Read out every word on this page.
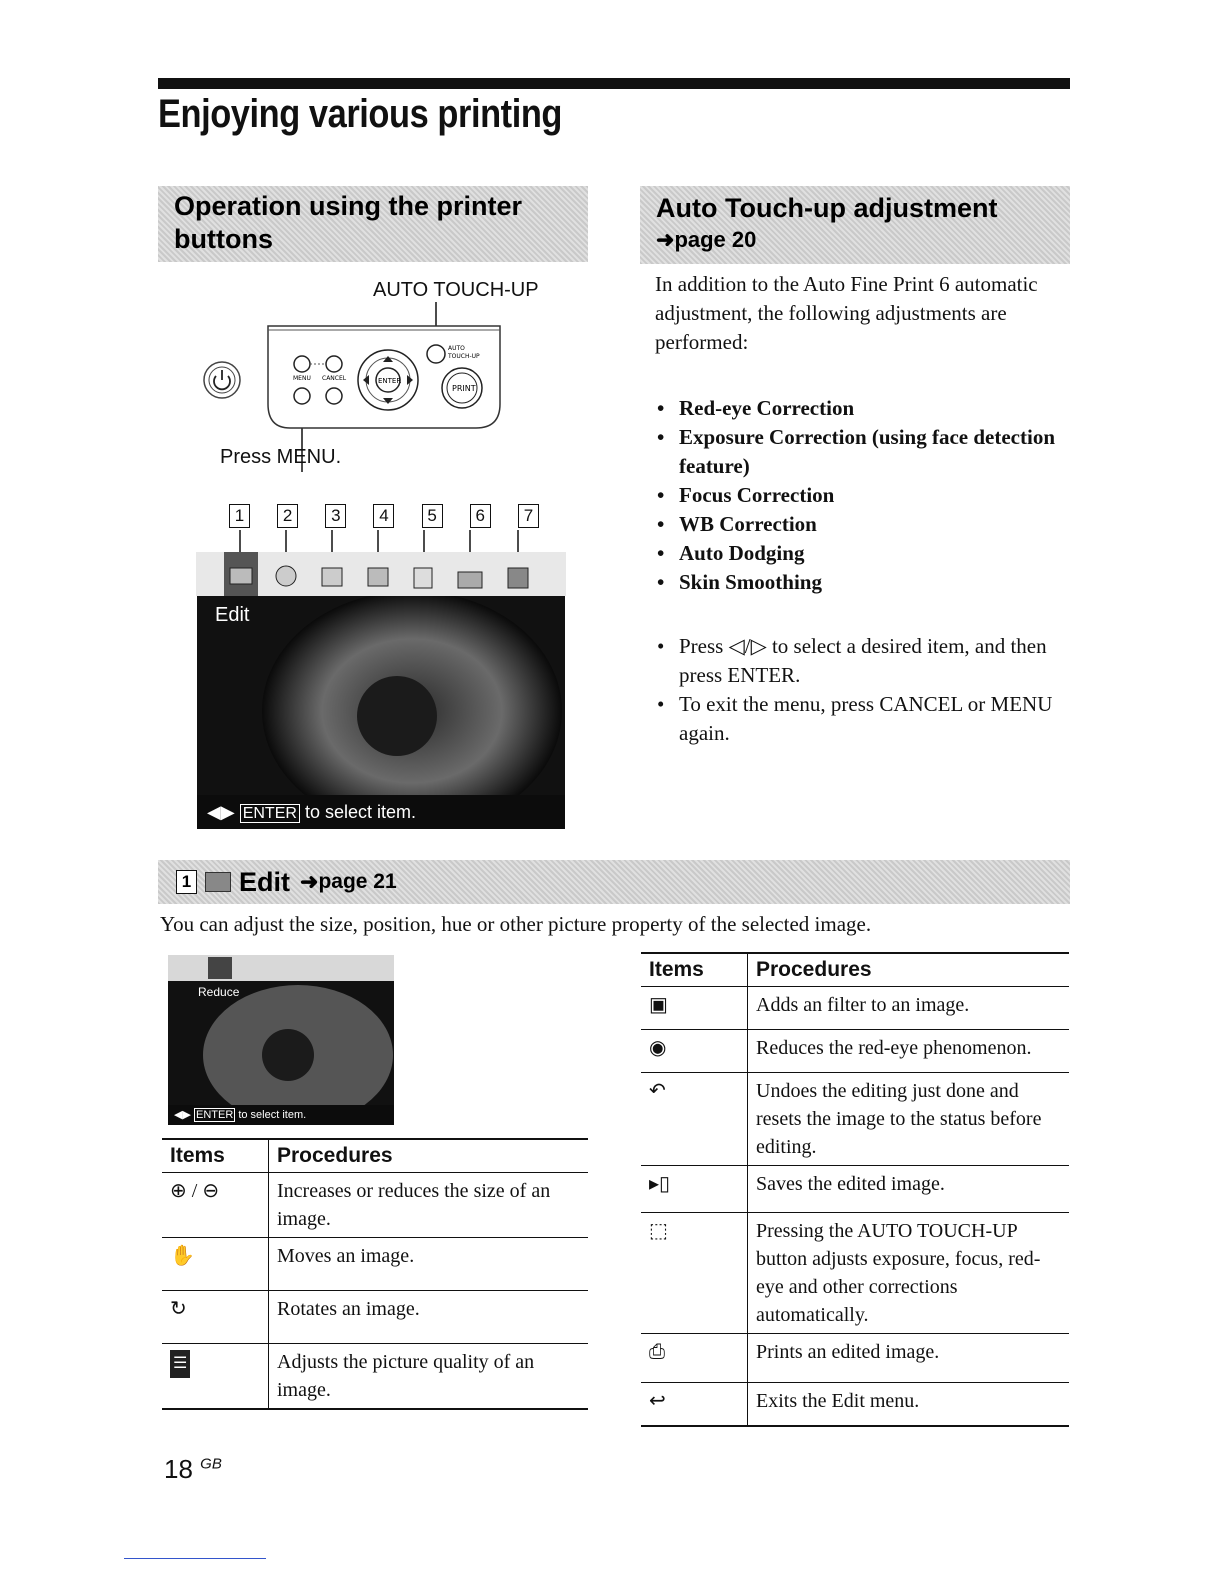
Enjoying various printing
Operation using the printer buttons
Auto Touch-up adjustment
➜page 20
AUTO TOUCH-UP
Press MENU.
MENU CANCEL	ENTER
AUTO
TOUCH-UP
PRINT
1	2	3	4	5	6	7
Edit
◀▶ ENTER to select item.
In addition to the Auto Fine Print 6 automatic adjustment, the following adjustments are performed:
• Red-eye Correction
• Exposure Correction (using face detection feature)
• Focus Correction
• WB Correction
• Auto Dodging
• Skin Smoothing
• Press ◁/▷ to select a desired item, and then press ENTER.
• To exit the menu, press CANCEL or MENU again.
1 Edit ➜ page 21
You can adjust the size, position, hue or other picture property of the selected image.
Reduce
◀▶ ENTER to select item.
Items	Procedures
⊕ / ⊖	Increases or reduces the size of an image.
✋	Moves an image.
↻	Rotates an image.
☰	Adjusts the picture quality of an image.
Items	Procedures
▣	Adds an filter to an image.
◉	Reduces the red-eye phenomenon.
↶	Undoes the editing just done and resets the image to the status before editing.
▸▯	Saves the edited image.
⬚	Pressing the AUTO TOUCH-UP button adjusts exposure, focus, red-eye and other corrections automatically.
⎙	Prints an edited image.
↩	Exits the Edit menu.
18 $^{GB}$
